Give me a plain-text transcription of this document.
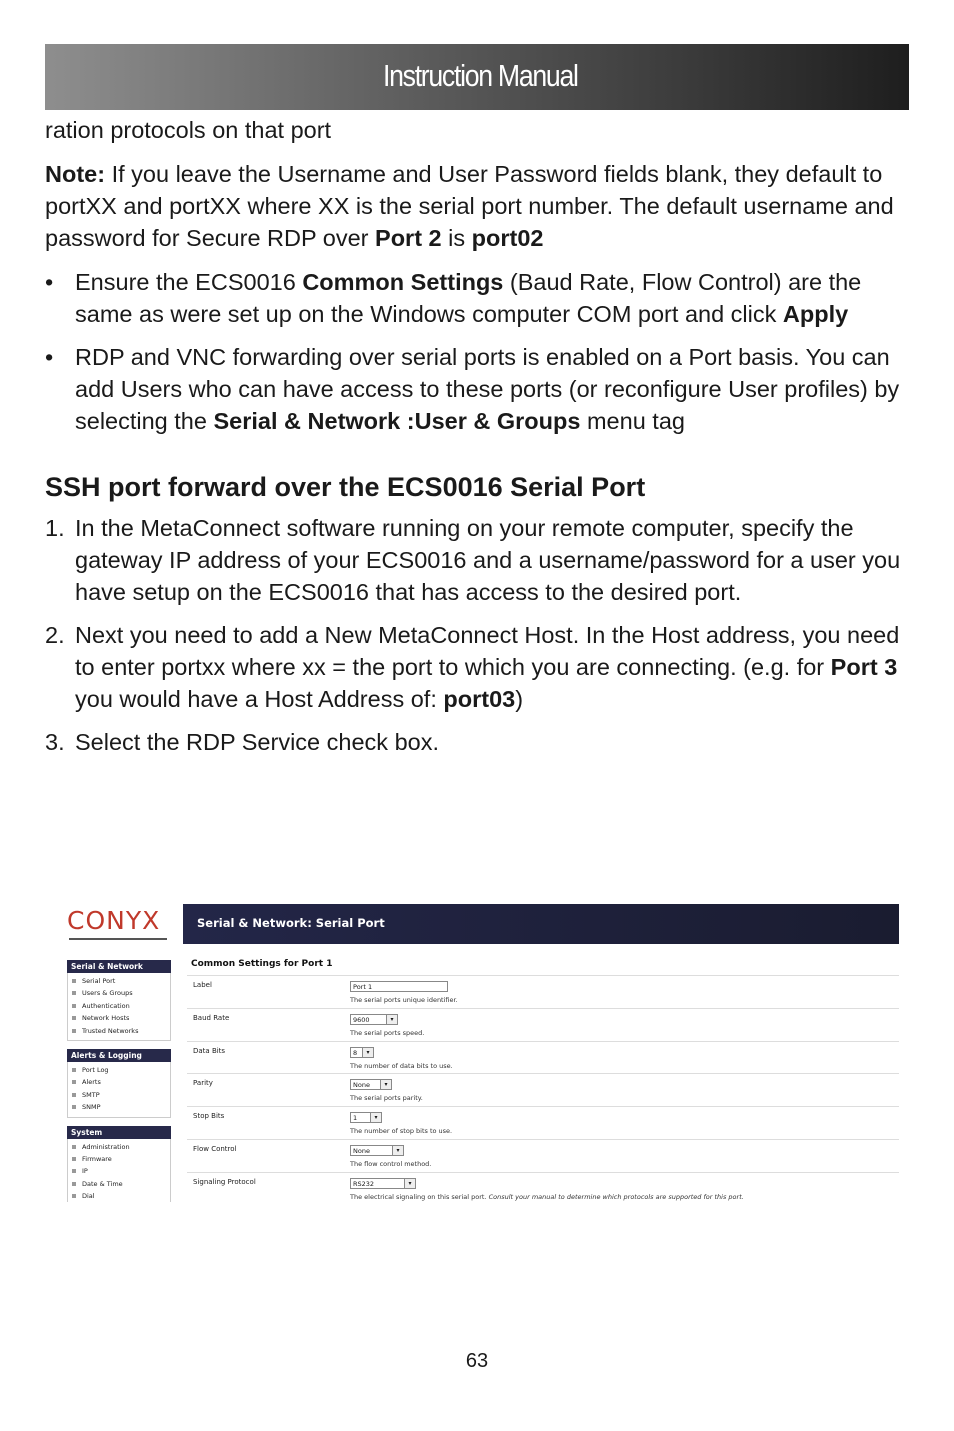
Instruction Manual

ration protocols on that port

Note: If you leave the Username and User Password fields blank, they default to portXX and portXX where XX is the serial port number. The default username and password for Secure RDP over Port 2 is port02

• Ensure the ECS0016 Common Settings (Baud Rate, Flow Control) are the same as were set up on the Windows computer COM port and click Apply
• RDP and VNC forwarding over serial ports is enabled on a Port basis. You can add Users who can have access to these ports (or reconfigure User profiles) by selecting the Serial & Network :User & Groups menu tag
SSH port forward over the ECS0016 Serial Port
1. In the MetaConnect software running on your remote computer, specify the gateway IP address of your ECS0016 and a username/password for a user you have setup on the ECS0016 that has access to the desired port.
2. Next you need to add a New MetaConnect Host. In the Host address, you need to enter portxx where xx = the port to which you are connecting. (e.g. for Port 3 you would have a Host Address of: port03)
3. Select the RDP Service check box.
CONYX	Serial & Network: Serial Port
Serial & Network
Serial Port
Users & Groups
Authentication
Network Hosts
Trusted Networks
Alerts & Logging
Port Log
Alerts
SMTP
SNMP
System
Administration
Firmware
IP
Date & Time
Dial
Common Settings for Port 1
Label	Port 1
The serial ports unique identifier.
Baud Rate	9600	▾
The serial ports speed.
Data Bits	8	▾
The number of data bits to use.
Parity	None	▾
The serial ports parity.
Stop Bits	1	▾
The number of stop bits to use.
Flow Control	None	▾
The flow control method.
Signaling Protocol	RS232	▾
The electrical signaling on this serial port. Consult your manual to determine which protocols are supported for this port.
63
